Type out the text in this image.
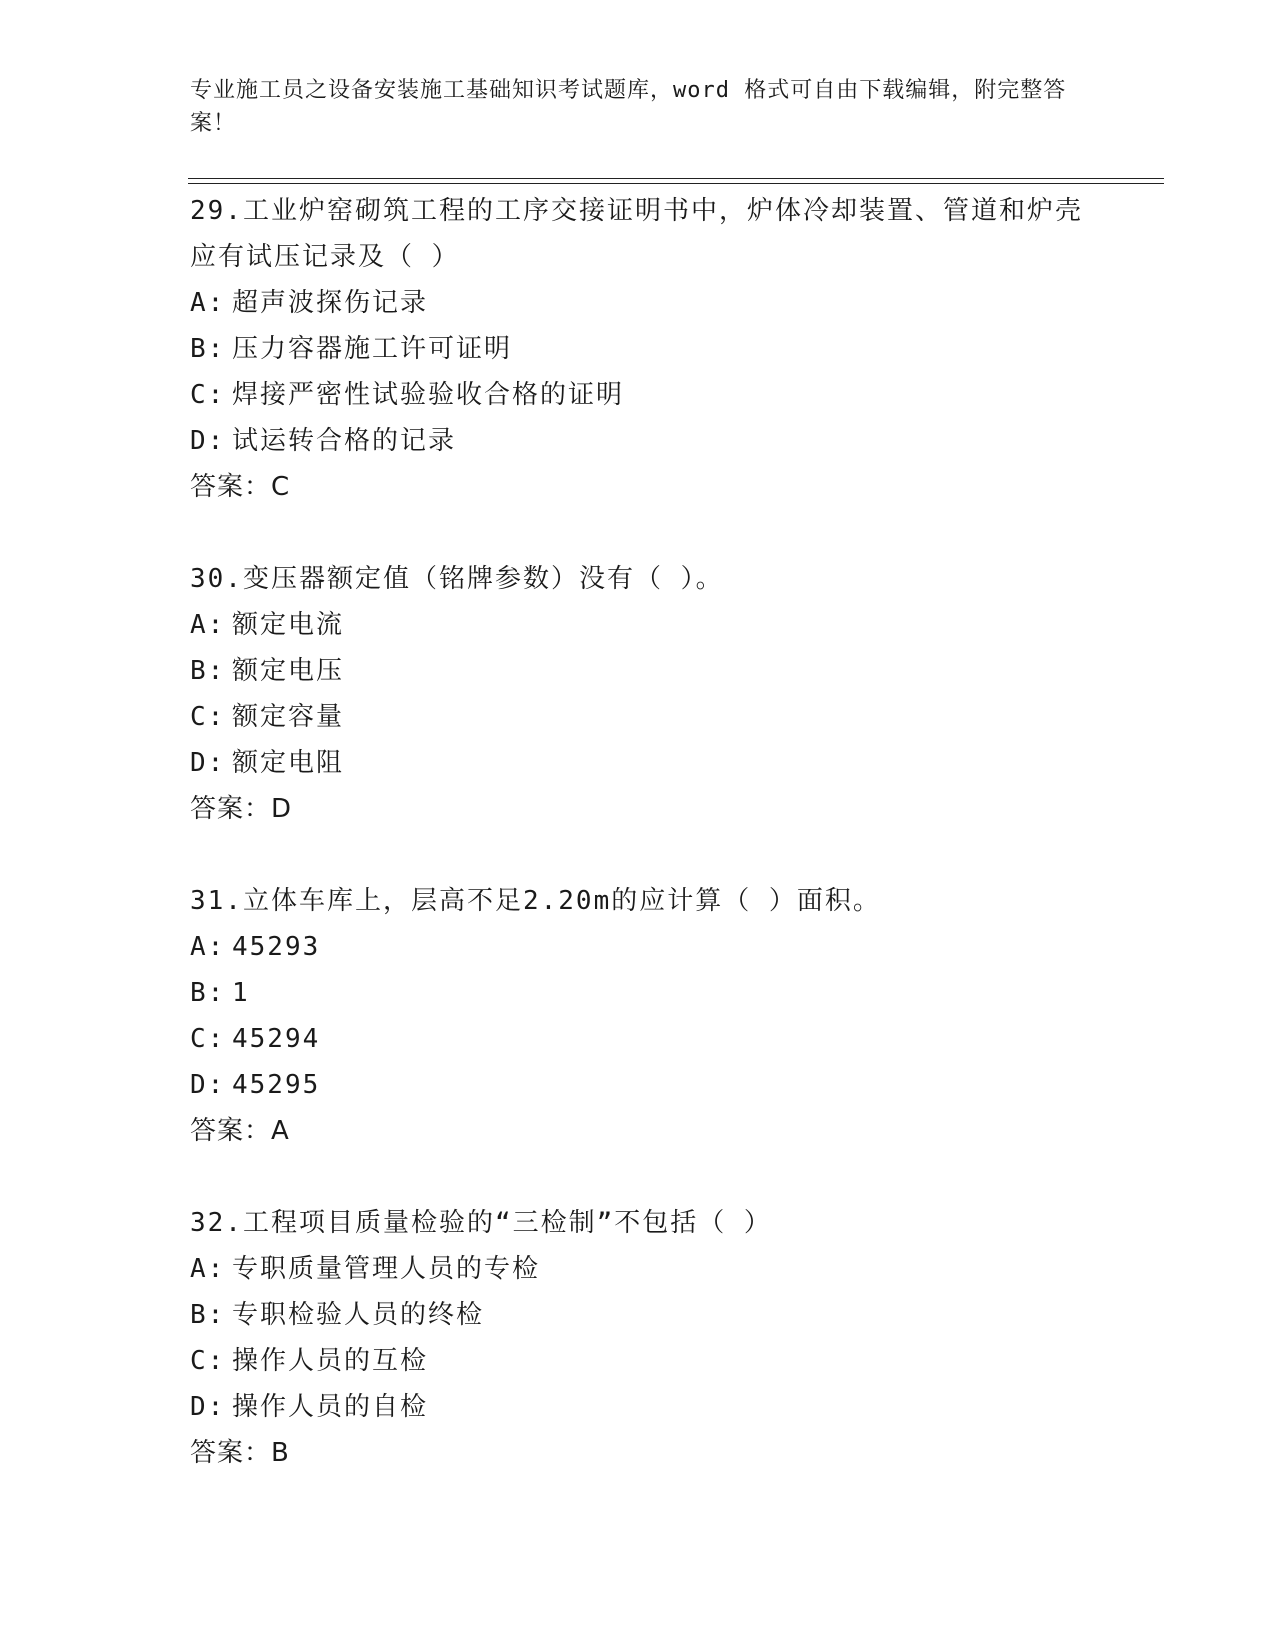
专业施工员之设备安装施工基础知识考试题库，word 格式可自由下载编辑，附完整答案！
29.工业炉窑砌筑工程的工序交接证明书中，炉体冷却装置、管道和炉壳应有试压记录及（ ）
A: 超声波探伤记录
B: 压力容器施工许可证明
C: 焊接严密性试验验收合格的证明
D: 试运转合格的记录
答案：C
30.变压器额定值（铭牌参数）没有（ ）。
A: 额定电流
B: 额定电压
C: 额定容量
D: 额定电阻
答案：D
31.立体车库上，层高不足2.20m的应计算（ ）面积。
A: 45293
B: 1
C: 45294
D: 45295
答案：A
32.工程项目质量检验的“三检制”不包括（ ）
A: 专职质量管理人员的专检
B: 专职检验人员的终检
C: 操作人员的互检
D: 操作人员的自检
答案：B
